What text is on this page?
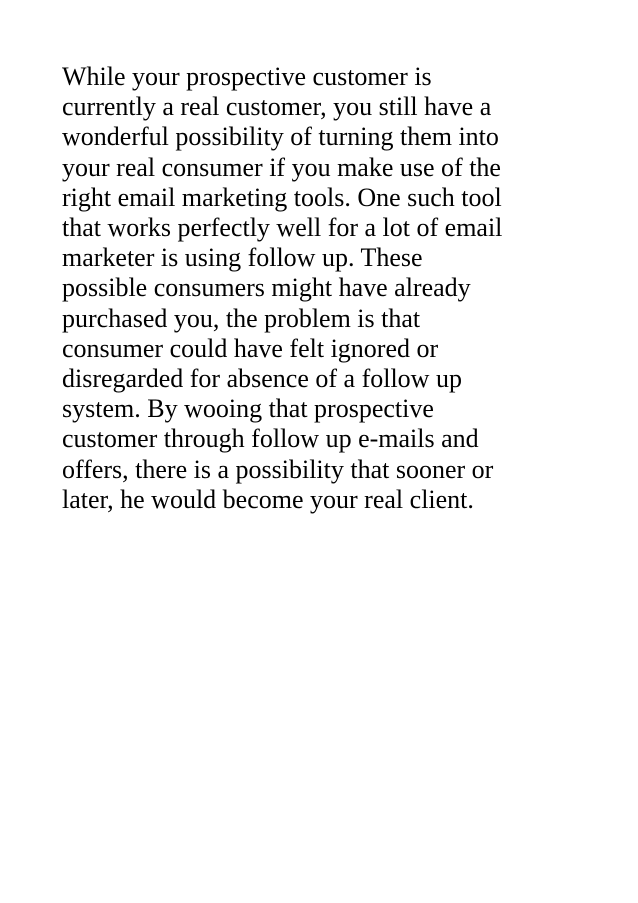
While your prospective customer is
currently a real customer, you still have a
wonderful possibility of turning them into
your real consumer if you make use of the
right email marketing tools. One such tool
that works perfectly well for a lot of email
marketer is using follow up. These
possible consumers might have already
purchased you, the problem is that
consumer could have felt ignored or
disregarded for absence of a follow up
system. By wooing that prospective
customer through follow up e-mails and
offers, there is a possibility that sooner or
later, he would become your real client.
